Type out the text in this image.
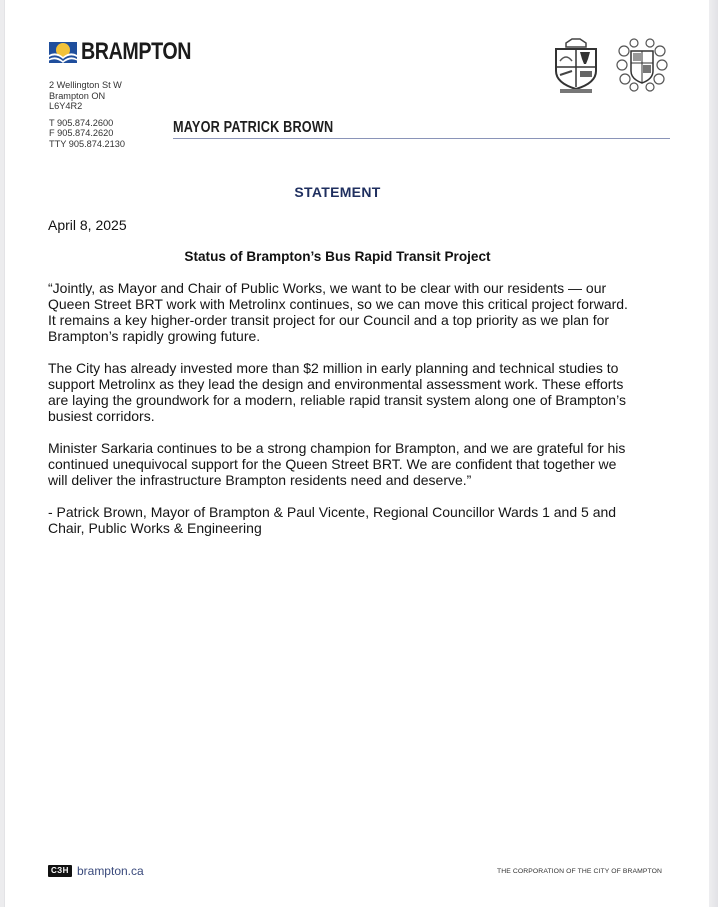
BRAMPTON
2 Wellington St W
Brampton ON
L6Y4R2
T 905.874.2600
F 905.874.2620
TTY 905.874.2130
MAYOR PATRICK BROWN
STATEMENT
April 8, 2025
Status of Brampton’s Bus Rapid Transit Project

“Jointly, as Mayor and Chair of Public Works, we want to be clear with our residents — our Queen Street BRT work with Metrolinx continues, so we can move this critical project forward. It remains a key higher-order transit project for our Council and a top priority as we plan for Brampton’s rapidly growing future.

The City has already invested more than $2 million in early planning and technical studies to support Metrolinx as they lead the design and environmental assessment work. These efforts are laying the groundwork for a modern, reliable rapid transit system along one of Brampton’s busiest corridors.

Minister Sarkaria continues to be a strong champion for Brampton, and we are grateful for his continued unequivocal support for the Queen Street BRT. We are confident that together we will deliver the infrastructure Brampton residents need and deserve.”

- Patrick Brown, Mayor of Brampton & Paul Vicente, Regional Councillor Wards 1 and 5 and Chair, Public Works & Engineering

СЗH brampton.ca	THE CORPORATION OF THE CITY OF BRAMPTON
